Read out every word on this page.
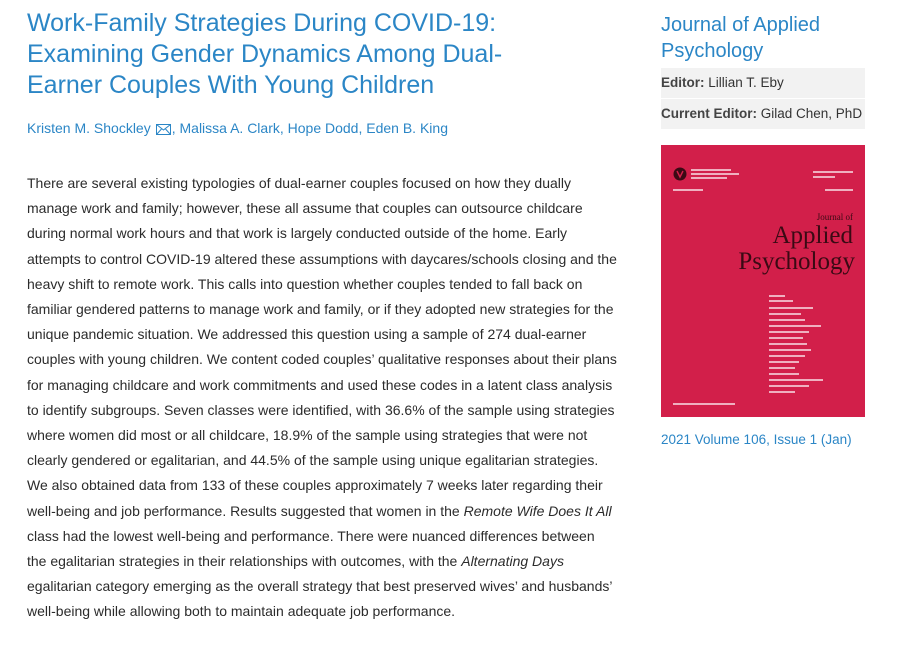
Work-Family Strategies During COVID-19: Examining Gender Dynamics Among Dual-Earner Couples With Young Children
Kristen M. Shockley , Malissa A. Clark, Hope Dodd, Eden B. King
There are several existing typologies of dual-earner couples focused on how they dually manage work and family; however, these all assume that couples can outsource childcare during normal work hours and that work is largely conducted outside of the home. Early attempts to control COVID-19 altered these assumptions with daycares/schools closing and the heavy shift to remote work. This calls into question whether couples tended to fall back on familiar gendered patterns to manage work and family, or if they adopted new strategies for the unique pandemic situation. We addressed this question using a sample of 274 dual-earner couples with young children. We content coded couples’ qualitative responses about their plans for managing childcare and work commitments and used these codes in a latent class analysis to identify subgroups. Seven classes were identified, with 36.6% of the sample using strategies where women did most or all childcare, 18.9% of the sample using strategies that were not clearly gendered or egalitarian, and 44.5% of the sample using unique egalitarian strategies. We also obtained data from 133 of these couples approximately 7 weeks later regarding their well-being and job performance. Results suggested that women in the Remote Wife Does It All class had the lowest well-being and performance. There were nuanced differences between the egalitarian strategies in their relationships with outcomes, with the Alternating Days egalitarian category emerging as the overall strategy that best preserved wives’ and husbands’ well-being while allowing both to maintain adequate job performance.
Journal of Applied Psychology
Editor: Lillian T. Eby
Current Editor: Gilad Chen, PhD
Journal of
Applied
Psychology
2021 Volume 106, Issue 1 (Jan)
